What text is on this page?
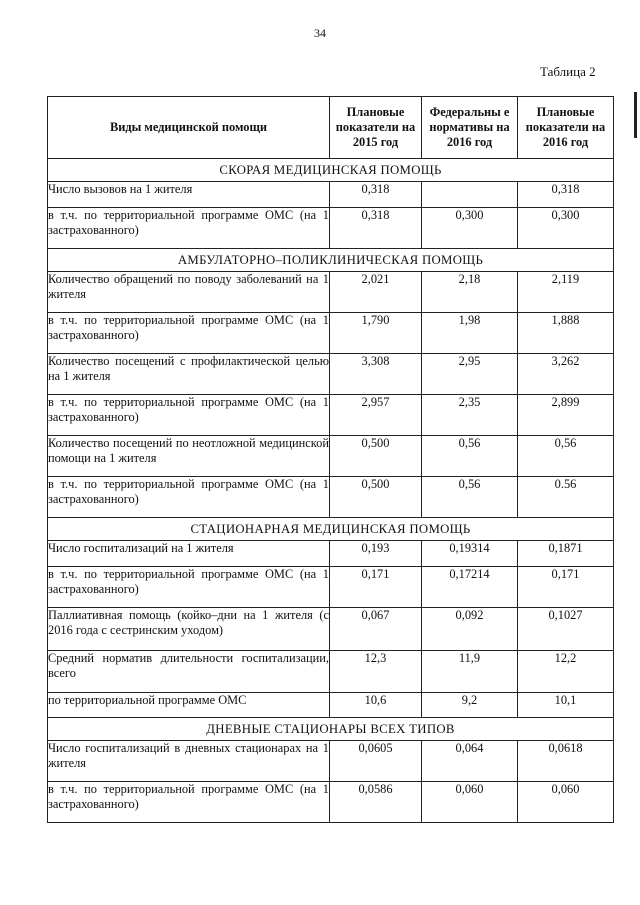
34
Таблица 2
Виды медицинской помощи	Плановые показатели на 2015 год	Федеральны е нормативы на 2016 год	Плановые показатели на 2016 год
СКОРАЯ МЕДИЦИНСКАЯ ПОМОЩЬ			
Число вызовов на 1 жителя	0,318		0,318
в т.ч. по территориальной программе ОМС (на 1 застрахованного)	0,318	0,300	0,300
АМБУЛАТОРНО–ПОЛИКЛИНИЧЕСКАЯ ПОМОЩЬ			
Количество обращений по поводу заболеваний на 1 жителя	2,021	2,18	2,119
в т.ч. по территориальной программе ОМС (на 1 застрахованного)	1,790	1,98	1,888
Количество посещений с профилактической целью на 1 жителя	3,308	2,95	3,262
в т.ч. по территориальной программе ОМС (на 1 застрахованного)	2,957	2,35	2,899
Количество посещений по неотложной медицинской помощи на 1 жителя	0,500	0,56	0,56
в т.ч. по территориальной программе ОМС (на 1 застрахованного)	0,500	0,56	0.56
СТАЦИОНАРНАЯ МЕДИЦИНСКАЯ ПОМОЩЬ			
Число госпитализаций на 1 жителя	0,193	0,19314	0,1871
в т.ч. по территориальной программе ОМС (на 1 застрахованного)	0,171	0,17214	0,171
Паллиативная помощь (койко–дни на 1 жителя (с 2016 года с сестринским уходом)	0,067	0,092	0,1027
Средний норматив длительности госпитализации, всего	12,3	11,9	12,2
по территориальной программе ОМС	10,6	9,2	10,1
ДНЕВНЫЕ СТАЦИОНАРЫ ВСЕХ ТИПОВ			
Число госпитализаций в дневных стационарах на 1 жителя	0,0605	0,064	0,0618
в т.ч. по территориальной программе ОМС (на 1 застрахованного)	0,0586	0,060	0,060
